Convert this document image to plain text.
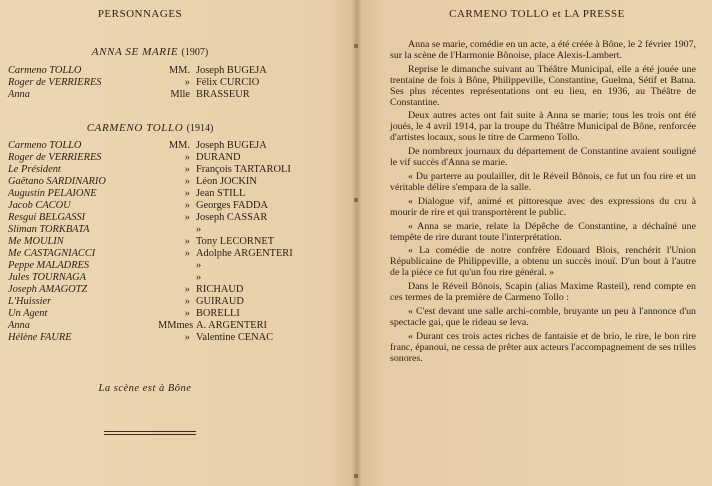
PERSONNAGES
ANNA SE MARIE (1907)
Carmeno TOLLO	MM. Joseph BUGEJA
Roger de VERRIERES	» Félix CURCIO
Anna	Mlle BRASSEUR
CARMENO TOLLO (1914)
Carmeno TOLLO	MM. Joseph BUGEJA
Roger de VERRIERES	» DURAND
Le Président	» François TARTAROLI
Gaëtano SARDINARIO	» Léon JOCKIN
Augustin PELAIONE	» Jean STILL
Jacob CACOU	» Georges FADDA
Resgui BELGASSI	» Joseph CASSAR
Sliman TORKBATA	»
Me MOULIN	» Tony LECORNET
Me CASTAGNIACCI	» Adolphe ARGENTERI
Peppe MALADRES	»
Jules TOURNAGA	»
Joseph AMAGOTZ	» RICHAUD
L'Huissier	» GUIRAUD
Un Agent	» BORELLI
Anna	MMmes A. ARGENTERI
Hélène FAURE	» Valentine CENAC
La scène est à Bône
CARMENO TOLLO et LA PRESSE

Anna se marie, comédie en un acte, a été créée à Bône, le 2 février 1907, sur la scène de l'Harmonie Bônoise, place Alexis-Lambert.

Reprise le dimanche suivant au Théâtre Municipal, elle a été jouée une trentaine de fois à Bône, Philippeville, Constantine, Guelma, Sétif et Batna. Ses plus récentes représentations ont eu lieu, en 1936, au Théâtre de Constantine.

Deux autres actes ont fait suite à Anna se marie; tous les trois ont été joués, le 4 avril 1914, par la troupe du Théâtre Municipal de Bône, renforcée d'artistes locaux, sous le titre de Carmeno Tollo.

De nombreux journaux du département de Constantine avaient souligné le vif succès d'Anna se marie.

« Du parterre au poulailler, dit le Réveil Bônois, ce fut un fou rire et un véritable délire s'empara de la salle.

« Dialogue vif, animé et pittoresque avec des expressions du cru à mourir de rire et qui transportèrent le public.

« Anna se marie, relate la Dépêche de Constantine, a déchaîné une tempête de rire durant toute l'interprétation.

« La comédie de notre confrère Edouard Blois, renchérit l'Union Républicaine de Philippeville, a obtenu un succès inouï. D'un bout à l'autre de la pièce ce fut qu'un fou rire général. »

Dans le Réveil Bônois, Scapin (alias Maxime Rasteil), rend compte en ces termes de la première de Carmeno Tollo :

« C'est devant une salle archi-comble, bruyante un peu à l'annonce d'un spectacle gai, que le rideau se leva.

« Durant ces trois actes riches de fantaisie et de brio, le rire, le bon rire franc, épanoui, ne cessa de prêter aux acteurs l'accompagnement de ses trilles sonores.
